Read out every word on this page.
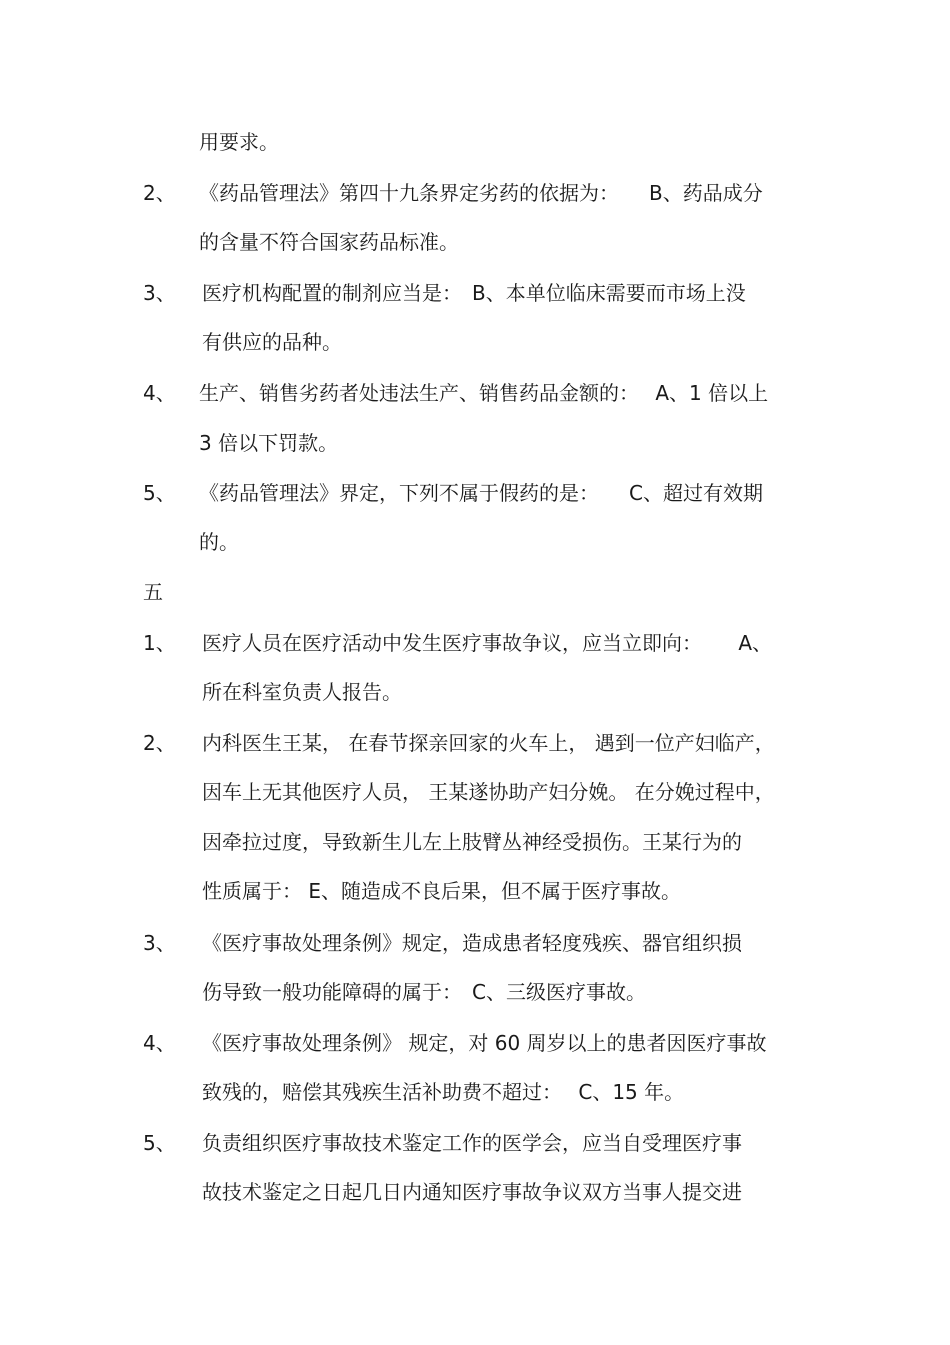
用要求。
2、 《药品管理法》第四十九条界定劣药的依据为：　　B、药品成分
的含量不符合国家药品标准。
3、 医疗机构配置的制剂应当是：　B、本单位临床需要而市场上没
有供应的品种。
4、 生产、销售劣药者处违法生产、销售药品金额的：　 A、1 倍以上
3 倍以下罚款。
5、 《药品管理法》界定，下列不属于假药的是：　　C、超过有效期
的。
五
1、 医疗人员在医疗活动中发生医疗事故争议，应当立即向：　　 A、
所在科室负责人报告。
2、 内科医生王某， 在春节探亲回家的火车上， 遇到一位产妇临产，
因车上无其他医疗人员， 王某遂协助产妇分娩。 在分娩过程中，
因牵拉过度，导致新生儿左上肢臂丛神经受损伤。王某行为的
性质属于： E、随造成不良后果，但不属于医疗事故。
3、 《医疗事故处理条例》规定，造成患者轻度残疾、器官组织损
伤导致一般功能障碍的属于：　C、三级医疗事故。
4、 《医疗事故处理条例》 规定，对 60 周岁以上的患者因医疗事故
致残的，赔偿其残疾生活补助费不超过：　 C、15 年。
5、 负责组织医疗事故技术鉴定工作的医学会，应当自受理医疗事
故技术鉴定之日起几日内通知医疗事故争议双方当事人提交进
